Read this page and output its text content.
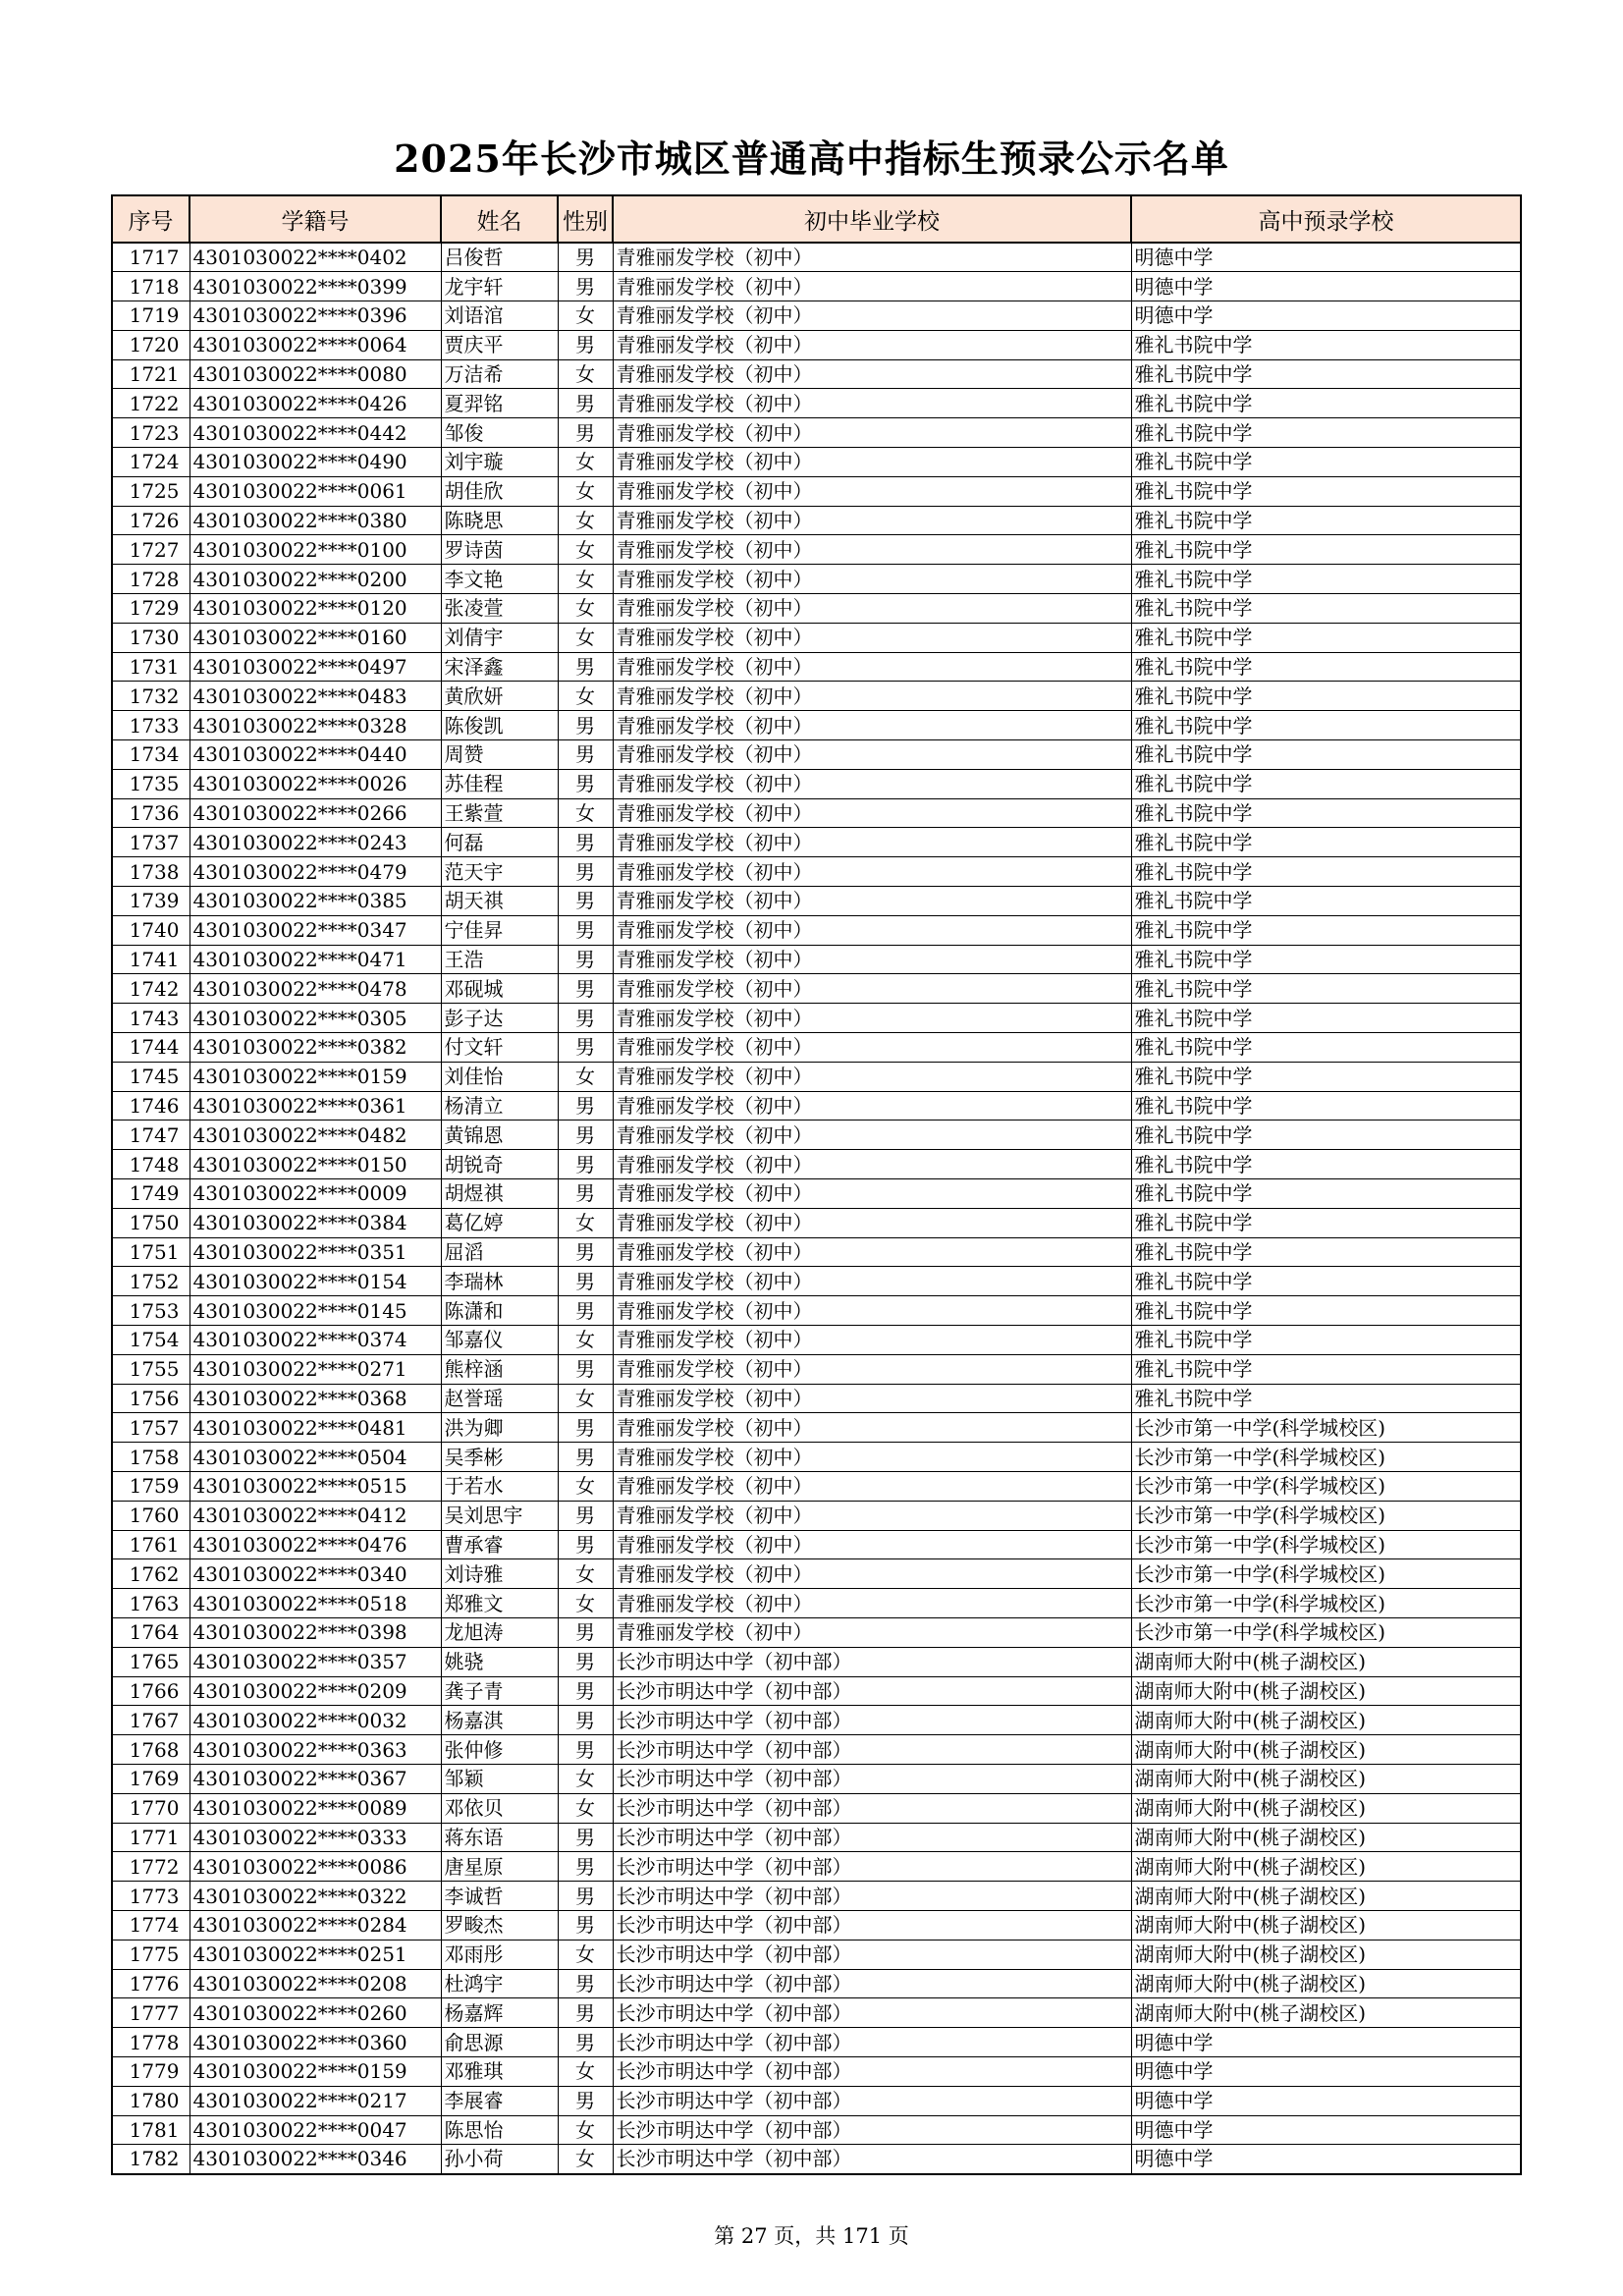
2025年长沙市城区普通高中指标生预录公示名单
序号	学籍号	姓名	性别	初中毕业学校	高中预录学校
1717	4301030022****0402	吕俊哲	男	青雅丽发学校（初中）	明德中学
1718	4301030022****0399	龙宇轩	男	青雅丽发学校（初中）	明德中学
1719	4301030022****0396	刘语涫	女	青雅丽发学校（初中）	明德中学
1720	4301030022****0064	贾庆平	男	青雅丽发学校（初中）	雅礼书院中学
1721	4301030022****0080	万洁希	女	青雅丽发学校（初中）	雅礼书院中学
1722	4301030022****0426	夏羿铭	男	青雅丽发学校（初中）	雅礼书院中学
1723	4301030022****0442	邹俊	男	青雅丽发学校（初中）	雅礼书院中学
1724	4301030022****0490	刘宇璇	女	青雅丽发学校（初中）	雅礼书院中学
1725	4301030022****0061	胡佳欣	女	青雅丽发学校（初中）	雅礼书院中学
1726	4301030022****0380	陈晓思	女	青雅丽发学校（初中）	雅礼书院中学
1727	4301030022****0100	罗诗茵	女	青雅丽发学校（初中）	雅礼书院中学
1728	4301030022****0200	李文艳	女	青雅丽发学校（初中）	雅礼书院中学
1729	4301030022****0120	张凌萱	女	青雅丽发学校（初中）	雅礼书院中学
1730	4301030022****0160	刘倩宇	女	青雅丽发学校（初中）	雅礼书院中学
1731	4301030022****0497	宋泽鑫	男	青雅丽发学校（初中）	雅礼书院中学
1732	4301030022****0483	黄欣妍	女	青雅丽发学校（初中）	雅礼书院中学
1733	4301030022****0328	陈俊凯	男	青雅丽发学校（初中）	雅礼书院中学
1734	4301030022****0440	周赞	男	青雅丽发学校（初中）	雅礼书院中学
1735	4301030022****0026	苏佳程	男	青雅丽发学校（初中）	雅礼书院中学
1736	4301030022****0266	王紫萱	女	青雅丽发学校（初中）	雅礼书院中学
1737	4301030022****0243	何磊	男	青雅丽发学校（初中）	雅礼书院中学
1738	4301030022****0479	范天宇	男	青雅丽发学校（初中）	雅礼书院中学
1739	4301030022****0385	胡天祺	男	青雅丽发学校（初中）	雅礼书院中学
1740	4301030022****0347	宁佳昇	男	青雅丽发学校（初中）	雅礼书院中学
1741	4301030022****0471	王浩	男	青雅丽发学校（初中）	雅礼书院中学
1742	4301030022****0478	邓砚城	男	青雅丽发学校（初中）	雅礼书院中学
1743	4301030022****0305	彭子达	男	青雅丽发学校（初中）	雅礼书院中学
1744	4301030022****0382	付文轩	男	青雅丽发学校（初中）	雅礼书院中学
1745	4301030022****0159	刘佳怡	女	青雅丽发学校（初中）	雅礼书院中学
1746	4301030022****0361	杨清立	男	青雅丽发学校（初中）	雅礼书院中学
1747	4301030022****0482	黄锦恩	男	青雅丽发学校（初中）	雅礼书院中学
1748	4301030022****0150	胡锐奇	男	青雅丽发学校（初中）	雅礼书院中学
1749	4301030022****0009	胡煜祺	男	青雅丽发学校（初中）	雅礼书院中学
1750	4301030022****0384	葛亿婷	女	青雅丽发学校（初中）	雅礼书院中学
1751	4301030022****0351	屈滔	男	青雅丽发学校（初中）	雅礼书院中学
1752	4301030022****0154	李瑞林	男	青雅丽发学校（初中）	雅礼书院中学
1753	4301030022****0145	陈潇和	男	青雅丽发学校（初中）	雅礼书院中学
1754	4301030022****0374	邹嘉仪	女	青雅丽发学校（初中）	雅礼书院中学
1755	4301030022****0271	熊梓涵	男	青雅丽发学校（初中）	雅礼书院中学
1756	4301030022****0368	赵誉瑶	女	青雅丽发学校（初中）	雅礼书院中学
1757	4301030022****0481	洪为卿	男	青雅丽发学校（初中）	长沙市第一中学(科学城校区)
1758	4301030022****0504	吴季彬	男	青雅丽发学校（初中）	长沙市第一中学(科学城校区)
1759	4301030022****0515	于若水	女	青雅丽发学校（初中）	长沙市第一中学(科学城校区)
1760	4301030022****0412	吴刘思宇	男	青雅丽发学校（初中）	长沙市第一中学(科学城校区)
1761	4301030022****0476	曹承睿	男	青雅丽发学校（初中）	长沙市第一中学(科学城校区)
1762	4301030022****0340	刘诗雅	女	青雅丽发学校（初中）	长沙市第一中学(科学城校区)
1763	4301030022****0518	郑雅文	女	青雅丽发学校（初中）	长沙市第一中学(科学城校区)
1764	4301030022****0398	龙旭涛	男	青雅丽发学校（初中）	长沙市第一中学(科学城校区)
1765	4301030022****0357	姚骁	男	长沙市明达中学（初中部）	湖南师大附中(桃子湖校区)
1766	4301030022****0209	龚子青	男	长沙市明达中学（初中部）	湖南师大附中(桃子湖校区)
1767	4301030022****0032	杨嘉淇	男	长沙市明达中学（初中部）	湖南师大附中(桃子湖校区)
1768	4301030022****0363	张仲修	男	长沙市明达中学（初中部）	湖南师大附中(桃子湖校区)
1769	4301030022****0367	邹颖	女	长沙市明达中学（初中部）	湖南师大附中(桃子湖校区)
1770	4301030022****0089	邓依贝	女	长沙市明达中学（初中部）	湖南师大附中(桃子湖校区)
1771	4301030022****0333	蒋东语	男	长沙市明达中学（初中部）	湖南师大附中(桃子湖校区)
1772	4301030022****0086	唐星原	男	长沙市明达中学（初中部）	湖南师大附中(桃子湖校区)
1773	4301030022****0322	李诚哲	男	长沙市明达中学（初中部）	湖南师大附中(桃子湖校区)
1774	4301030022****0284	罗畯杰	男	长沙市明达中学（初中部）	湖南师大附中(桃子湖校区)
1775	4301030022****0251	邓雨彤	女	长沙市明达中学（初中部）	湖南师大附中(桃子湖校区)
1776	4301030022****0208	杜鸿宇	男	长沙市明达中学（初中部）	湖南师大附中(桃子湖校区)
1777	4301030022****0260	杨嘉辉	男	长沙市明达中学（初中部）	湖南师大附中(桃子湖校区)
1778	4301030022****0360	俞思源	男	长沙市明达中学（初中部）	明德中学
1779	4301030022****0159	邓雅琪	女	长沙市明达中学（初中部）	明德中学
1780	4301030022****0217	李展睿	男	长沙市明达中学（初中部）	明德中学
1781	4301030022****0047	陈思怡	女	长沙市明达中学（初中部）	明德中学
1782	4301030022****0346	孙小荷	女	长沙市明达中学（初中部）	明德中学
第 27 页，共 171 页
